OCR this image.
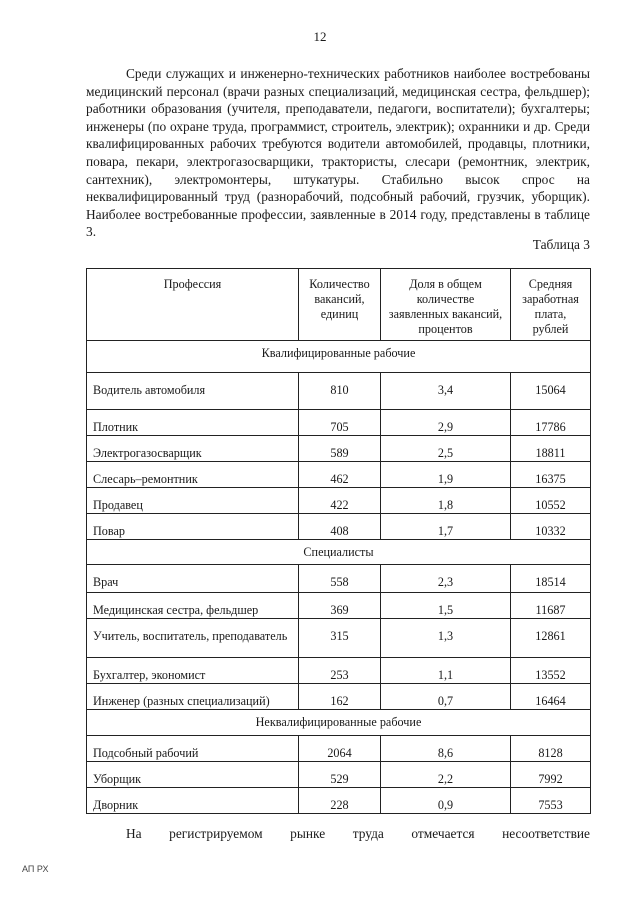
12

Среди служащих и инженерно-технических работников наиболее востребованы медицинский персонал (врачи разных специализаций, медицинская сестра, фельдшер); работники образования (учителя, преподаватели, педагоги, воспитатели); бухгалтеры; инженеры (по охране труда, программист, строитель, электрик); охранники и др. Среди квалифицированных рабочих требуются водители автомобилей, продавцы, плотники, повара, пекари, электрогазосварщики, трактористы, слесари (ремонтник, электрик, сантехник), электромонтеры, штукатуры. Стабильно высок спрос на неквалифицированный труд (разнорабочий, подсобный рабочий, грузчик, уборщик). Наиболее востребованные профессии, заявленные в 2014 году, представлены в таблице 3.

Таблица 3
Профессия	Количество вакансий, единиц	Доля в общем количестве заявленных вакансий, процентов	Средняя заработная плата, рублей
Квалифицированные рабочие			
Водитель автомобиля	810	3,4	15064
Плотник	705	2,9	17786
Электрогазосварщик	589	2,5	18811
Слесарь–ремонтник	462	1,9	16375
Продавец	422	1,8	10552
Повар	408	1,7	10332
Специалисты			
Врач	558	2,3	18514
Медицинская сестра, фельдшер	369	1,5	11687
Учитель, воспитатель, преподаватель	315	1,3	12861
Бухгалтер, экономист	253	1,1	13552
Инженер (разных специализаций)	162	0,7	16464
Неквалифицированные рабочие			
Подсобный рабочий	2064	8,6	8128
Уборщик	529	2,2	7992
Дворник	228	0,9	7553

На регистрируемом рынке труда отмечается несоответствие

АП РХ
